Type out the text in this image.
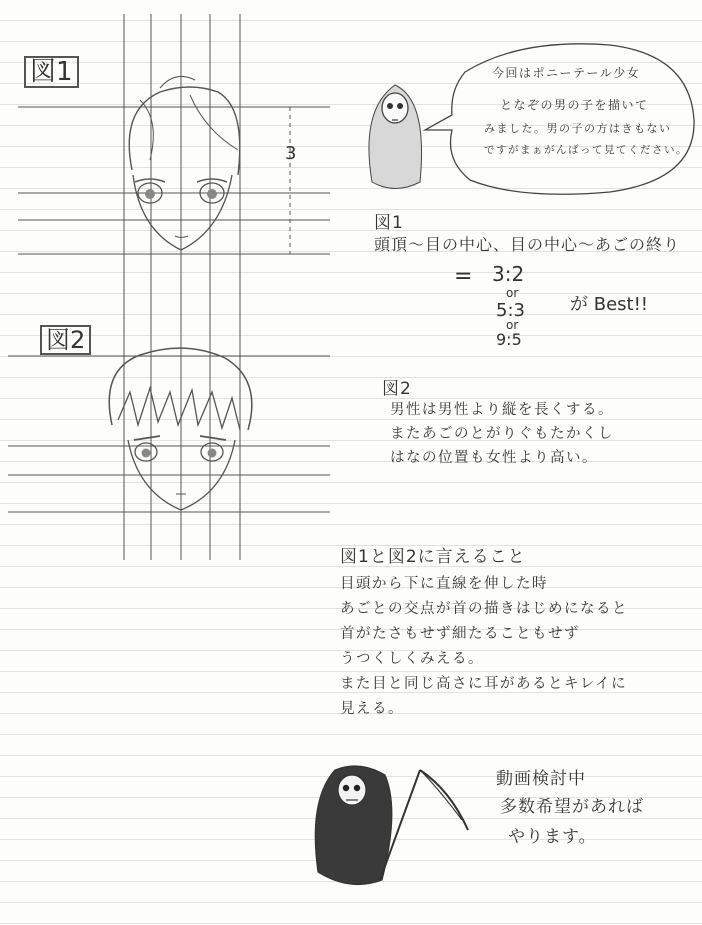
図1
3
今回はポニーテール少女
となぞの男の子を描いて
みました。男の子の方はきもない
ですがまぁがんばって見てください。
図1
頭頂〜目の中心、目の中心〜あごの終り
= 3:2
or
5:3
or
9:5
が Best!!
図2
図2
男性は男性より縦を長くする。
またあごのとがりぐもたかくし
はなの位置も女性より高い。
図1と図2に言えること
目頭から下に直線を伸した時
あごとの交点が首の描きはじめになると
首がたさもせず細たることもせず
うつくしくみえる。
また目と同じ高さに耳があるとキレイに
見える。
動画検討中
多数希望があれば
やります。
